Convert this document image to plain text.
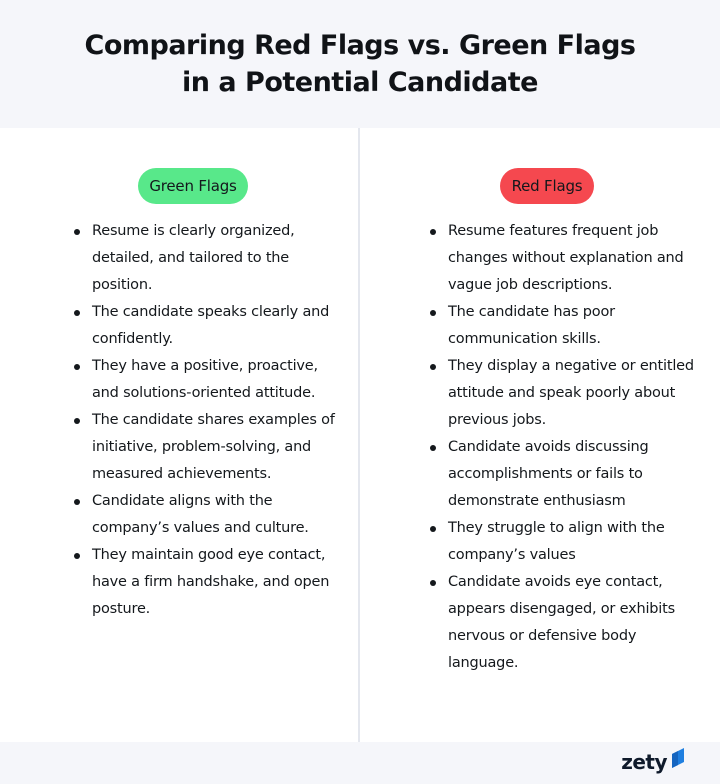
Comparing Red Flags vs. Green Flags
in a Potential Candidate
Green Flags
Resume is clearly organized, detailed, and tailored to the position.
The candidate speaks clearly and confidently.
They have a positive, proactive, and solutions-oriented attitude.
The candidate shares examples of initiative, problem-solving, and measured achievements.
Candidate aligns with the company’s values and culture.
They maintain good eye contact, have a firm handshake, and open posture.
Red Flags
Resume features frequent job changes without explanation and vague job descriptions.
The candidate has poor communication skills.
They display a negative or entitled attitude and speak poorly about previous jobs.
Candidate avoids discussing accomplishments or fails to demonstrate enthusiasm
They struggle to align with the company’s values
Candidate avoids eye contact, appears disengaged, or exhibits nervous or defensive body language.
zety
